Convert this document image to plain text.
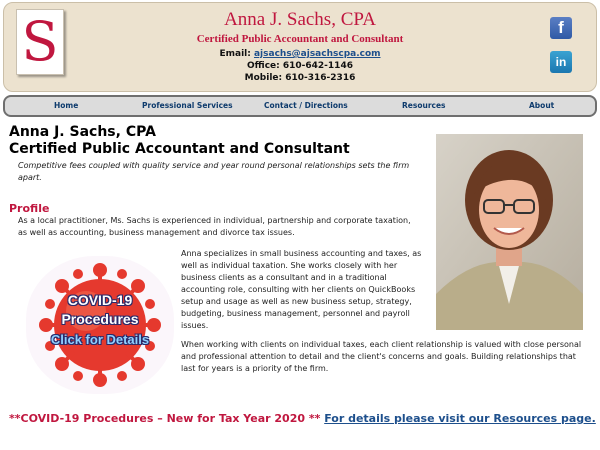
S	Anna J. Sachs, CPA
Certified Public Accountant and Consultant
Email: ajsachs@ajsachscpa.com
Office: 610-642-1146
Mobile: 610-316-2316
f
in
Home	Professional Services	Contact / Directions	Resources	About
Anna J. Sachs, CPA
Certified Public Accountant and Consultant
Competitive fees coupled with quality service and year round personal relationships sets the firm apart.
Profile
As a local practitioner, Ms. Sachs is experienced in individual, partnership and corporate taxation, as well as accounting, business management and divorce tax issues.
COVID-19
Procedures
Click for Details
Anna specializes in small business accounting and taxes, as well as individual taxation. She works closely with her business clients as a consultant and in a traditional accounting role, consulting with her clients on QuickBooks setup and usage as well as new business setup, strategy, budgeting, business management, personnel and payroll issues.
When working with clients on individual taxes, each client relationship is valued with close personal and professional attention to detail and the client's concerns and goals. Building relationships that last for years is a priority of the firm.
**COVID-19 Procedures – New for Tax Year 2020 ** For details please visit our Resources page.
